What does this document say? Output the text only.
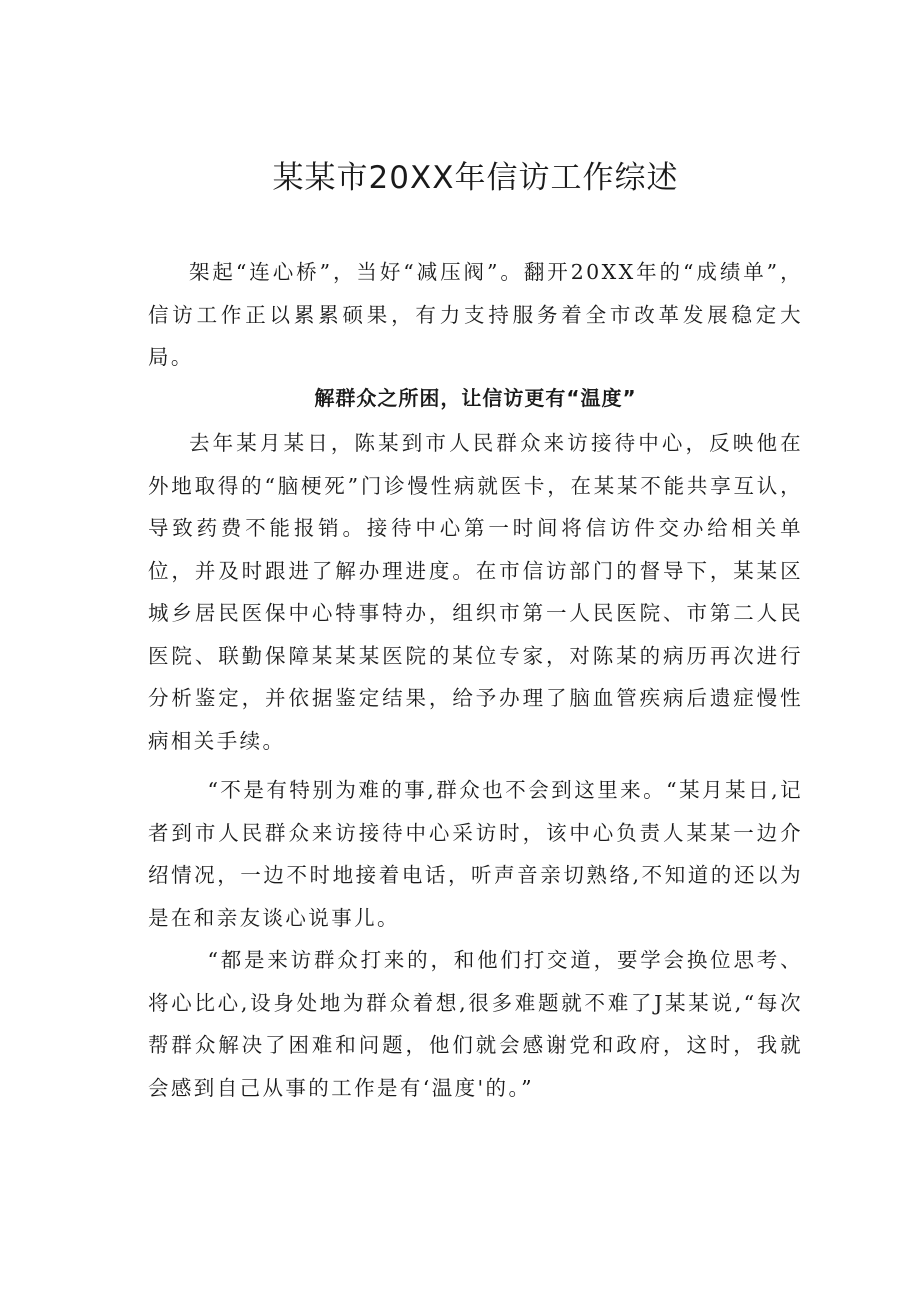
某某市20XX年信访工作综述

架起“连心桥”，当好“减压阀”。翻开20XX年的“成绩单”，信访工作正以累累硕果，有力支持服务着全市改革发展稳定大局。

解群众之所困，让信访更有“温度”

去年某月某日，陈某到市人民群众来访接待中心，反映他在外地取得的“脑梗死”门诊慢性病就医卡，在某某不能共享互认，导致药费不能报销。接待中心第一时间将信访件交办给相关单位，并及时跟进了解办理进度。在市信访部门的督导下，某某区城乡居民医保中心特事特办，组织市第一人民医院、市第二人民医院、联勤保障某某某医院的某位专家，对陈某的病历再次进行分析鉴定，并依据鉴定结果，给予办理了脑血管疾病后遗症慢性病相关手续。

“不是有特别为难的事,群众也不会到这里来。“某月某日,记者到市人民群众来访接待中心采访时，该中心负责人某某一边介绍情况，一边不时地接着电话，听声音亲切熟络,不知道的还以为是在和亲友谈心说事儿。

“都是来访群众打来的，和他们打交道，要学会换位思考、将心比心,设身处地为群众着想,很多难题就不难了J某某说,“每次帮群众解决了困难和问题，他们就会感谢党和政府，这时，我就会感到自己从事的工作是有‘温度'的。”
